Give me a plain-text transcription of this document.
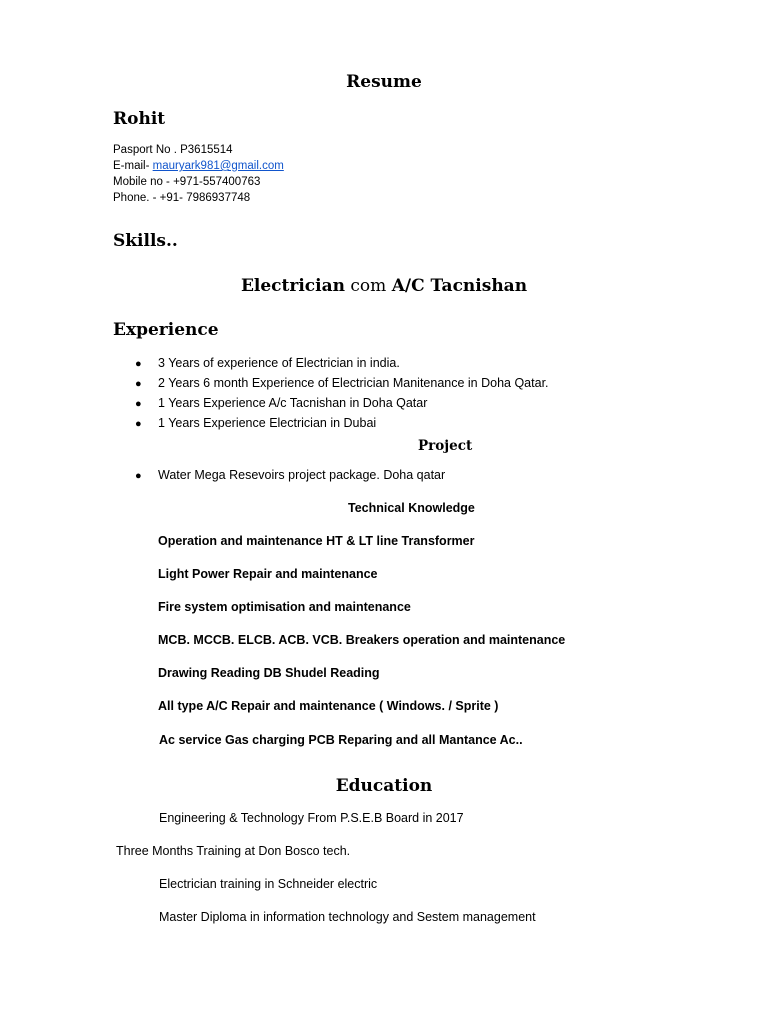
Resume
Rohit
Pasport No . P3615514
E-mail- mauryark981@gmail.com
Mobile no - +971-557400763
Phone. - +91- 7986937748
Skills..
Electrician com A/C Tacnishan
Experience
● 3 Years of experience of Electrician in india.
● 2 Years 6 month Experience of Electrician Manitenance in Doha Qatar.
● 1 Years Experience A/c Tacnishan in Doha Qatar
● 1 Years Experience Electrician in Dubai
Project
● Water Mega Resevoirs project package. Doha qatar
Technical Knowledge
Operation and maintenance HT & LT line Transformer
Light Power Repair and maintenance
Fire system optimisation and maintenance
MCB. MCCB. ELCB. ACB. VCB. Breakers operation and maintenance
Drawing Reading DB Shudel Reading
All type A/C Repair and maintenance ( Windows. / Sprite )
Ac service Gas charging PCB Reparing and all Mantance Ac..
Education
Engineering & Technology From P.S.E.B Board in 2017
Three Months Training at Don Bosco tech.
Electrician training in Schneider electric
Master Diploma in information technology and Sestem management
